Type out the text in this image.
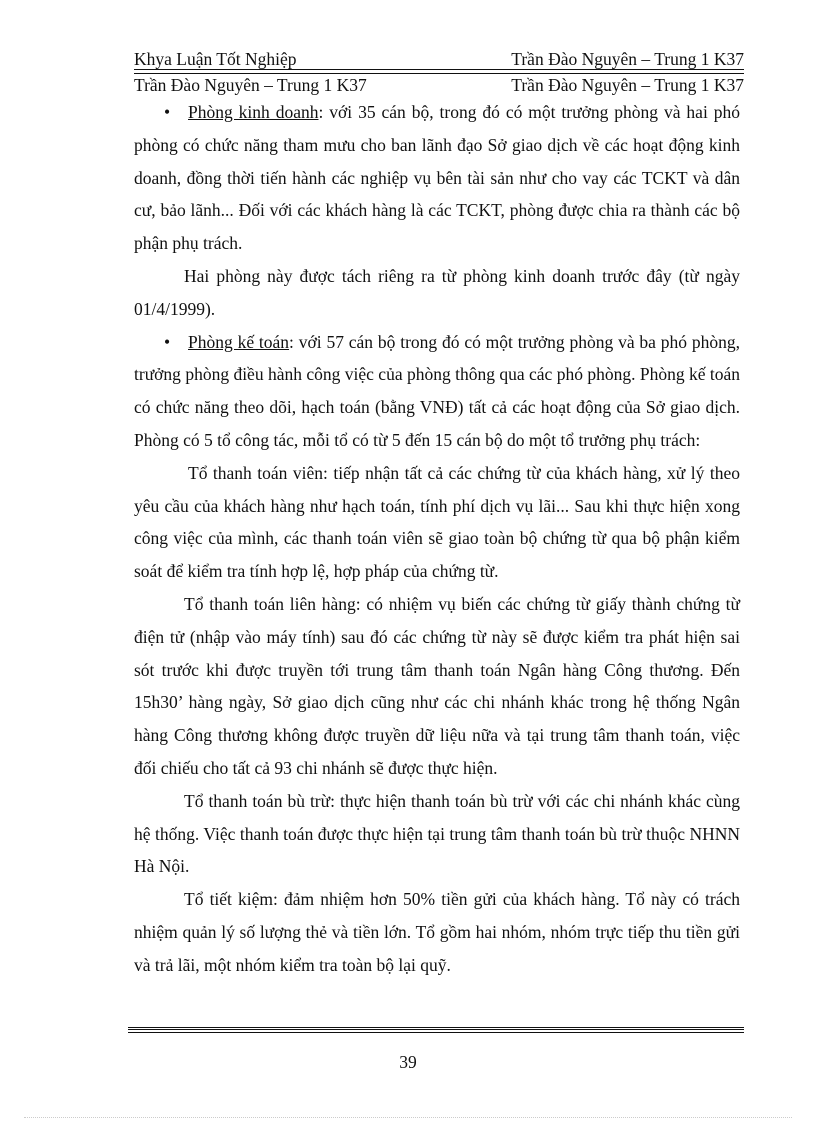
Khya Luận Tốt Nghiệp	Trần Đào Nguyên – Trung 1 K37
Trần Đào Nguyên – Trung 1 K37	Trần Đào Nguyên – Trung 1 K37

• Phòng kinh doanh: với 35 cán bộ, trong đó có một trưởng phòng và hai phó phòng có chức năng tham mưu cho ban lãnh đạo Sở giao dịch về các hoạt động kinh doanh, đồng thời tiến hành các nghiệp vụ bên tài sản như cho vay các TCKT và dân cư, bảo lãnh... Đối với các khách hàng là các TCKT, phòng được chia ra thành các bộ phận phụ trách.

Hai phòng này được tách riêng ra từ phòng kinh doanh trước đây (từ ngày 01/4/1999).

• Phòng kế toán: với 57 cán bộ trong đó có một trưởng phòng và ba phó phòng, trưởng phòng điều hành công việc của phòng thông qua các phó phòng. Phòng kế toán có chức năng theo dõi, hạch toán (bằng VNĐ) tất cả các hoạt động của Sở giao dịch. Phòng có 5 tổ công tác, mỗi tổ có từ 5 đến 15 cán bộ do một tổ trưởng phụ trách:

Tổ thanh toán viên: tiếp nhận tất cả các chứng từ của khách hàng, xử lý theo yêu cầu của khách hàng như hạch toán, tính phí dịch vụ lãi... Sau khi thực hiện xong công việc của mình, các thanh toán viên sẽ giao toàn bộ chứng từ qua bộ phận kiểm soát để kiểm tra tính hợp lệ, hợp pháp của chứng từ.

Tổ thanh toán liên hàng: có nhiệm vụ biến các chứng từ giấy thành chứng từ điện tử (nhập vào máy tính) sau đó các chứng từ này sẽ được kiểm tra phát hiện sai sót trước khi được truyền tới trung tâm thanh toán Ngân hàng Công thương. Đến 15h30’ hàng ngày, Sở giao dịch cũng như các chi nhánh khác trong hệ thống Ngân hàng Công thương không được truyền dữ liệu nữa và tại trung tâm thanh toán, việc đối chiếu cho tất cả 93 chi nhánh sẽ được thực hiện.

Tổ thanh toán bù trừ: thực hiện thanh toán bù trừ với các chi nhánh khác cùng hệ thống. Việc thanh toán được thực hiện tại trung tâm thanh toán bù trừ thuộc NHNN Hà Nội.

Tổ tiết kiệm: đảm nhiệm hơn 50% tiền gửi của khách hàng. Tổ này có trách nhiệm quản lý số lượng thẻ và tiền lớn. Tổ gồm hai nhóm, nhóm trực tiếp thu tiền gửi và trả lãi, một nhóm kiểm tra toàn bộ lại quỹ.

39
